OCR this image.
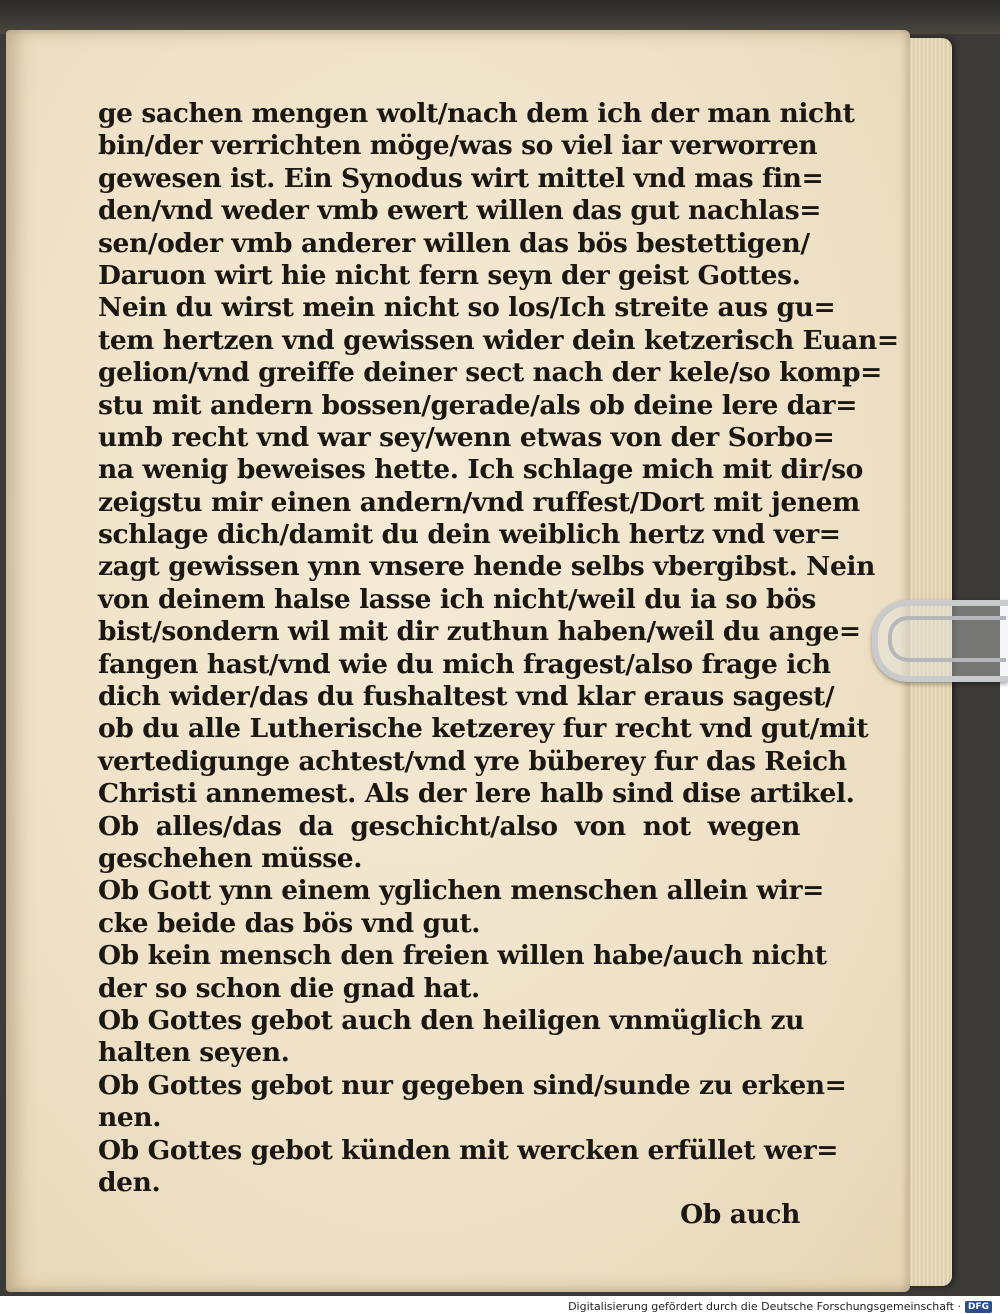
ge sachen mengen wolt/nach dem ich der man nicht
bin/der verrichten möge/was so viel iar verworren
gewesen ist. Ein Synodus wirt mittel vnd mas fin=
den/vnd weder vmb ewert willen das gut nachlas=
sen/oder vmb anderer willen das bös bestettigen/
Daruon wirt hie nicht fern seyn der geist Gottes.
Nein du wirst mein nicht so los/Ich streite aus gu=
tem hertzen vnd gewissen wider dein ketzerisch Euan=
gelion/vnd greiffe deiner sect nach der kele/so komp=
stu mit andern bossen/gerade/als ob deine lere dar=
umb recht vnd war sey/wenn etwas von der Sorbo=
na wenig beweises hette. Ich schlage mich mit dir/so
zeigstu mir einen andern/vnd ruffest/Dort mit jenem
schlage dich/damit du dein weiblich hertz vnd ver=
zagt gewissen ynn vnsere hende selbs vbergibst. Nein
von deinem halse lasse ich nicht/weil du ia so bös
bist/sondern wil mit dir zuthun haben/weil du ange=
fangen hast/vnd wie du mich fragest/also frage ich
dich wider/das du fushaltest vnd klar eraus sagest/
ob du alle Lutherische ketzerey fur recht vnd gut/mit
vertedigunge achtest/vnd yre büberey fur das Reich
Christi annemest. Als der lere halb sind dise artikel.
Ob alles/das da geschicht/also von not wegen
geschehen müsse.
Ob Gott ynn einem yglichen menschen allein wir=
cke beide das bös vnd gut.
Ob kein mensch den freien willen habe/auch nicht
der so schon die gnad hat.
Ob Gottes gebot auch den heiligen vnmüglich zu
halten seyen.
Ob Gottes gebot nur gegeben sind/sunde zu erken=
nen.
Ob Gottes gebot künden mit wercken erfüllet wer=
den.
Ob auch
Digitalisierung gefördert durch die Deutsche Forschungsgemeinschaft · DFG
